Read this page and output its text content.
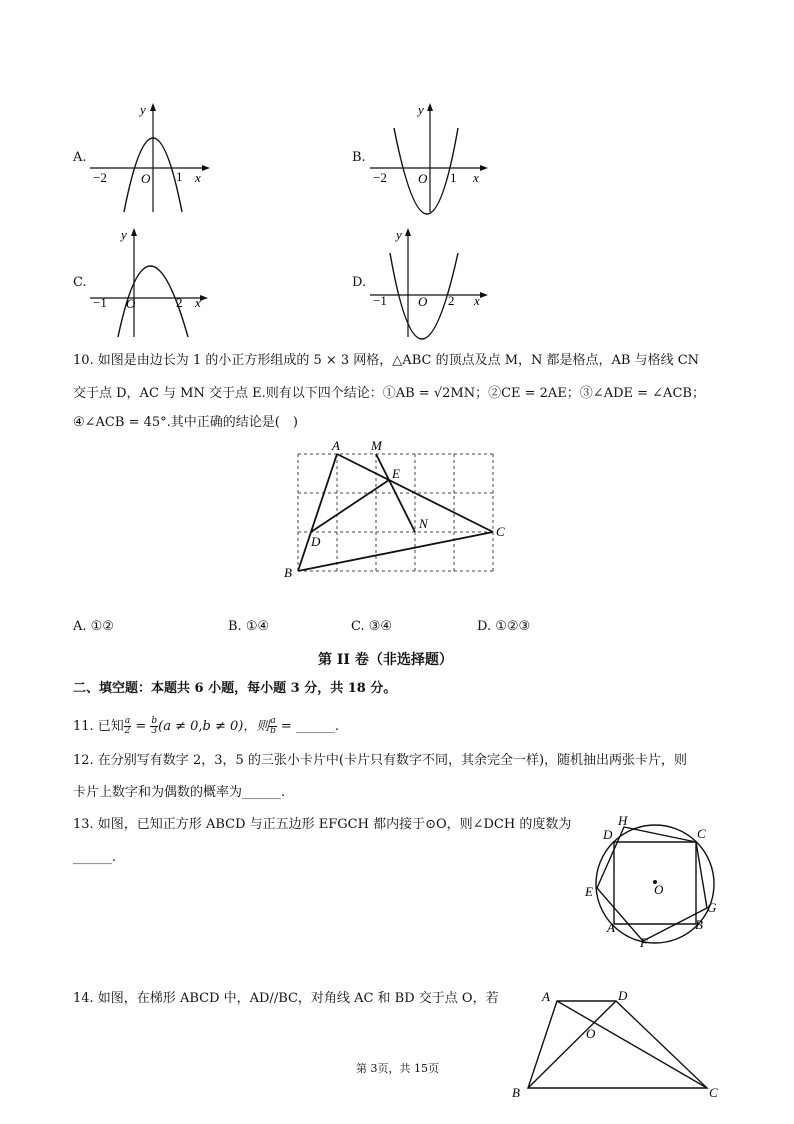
A.
y
−2	O 1 x
B.
y
−2 O 1 x
C.
y
−1 O	2 x
D.
y
−1 O 2 x
10. 如图是由边长为 1 的小正方形组成的 5 × 3 网格，△ABC 的顶点及点 M，N 都是格点，AB 与格线 CN
交于点 D，AC 与 MN 交于点 E.则有以下四个结论：①AB = √2MN；②CE = 2AE；③∠ADE = ∠ACB；
④∠ACB = 45°.其中正确的结论是(　)
A M
E
N
C
D
B
A. ①②	B. ①④	C. ③④	D. ①②③
第 II 卷（非选择题）
二、填空题：本题共 6 小题，每小题 3 分，共 18 分。
11. 已知 $\frac{a}{2} = \frac{b}{3} (a \ne 0,b \ne 0)$，则 $\frac{a}{b}$ = ______.
12. 在分别写有数字 2，3，5 的三张小卡片中(卡片只有数字不同，其余完全一样)，随机抽出两张卡片，则
卡片上数字和为偶数的概率为______.
13. 如图，已知正方形 ABCD 与正五边形 EFGCH 都内接于⊙O，则∠DCH 的度数为
______.
H
D	C
O
E
G
A	B
F
14. 如图，在梯形 ABCD 中，AD//BC，对角线 AC 和 BD 交于点 O，若	A	D
O
B	C
第 3页，共 15页
